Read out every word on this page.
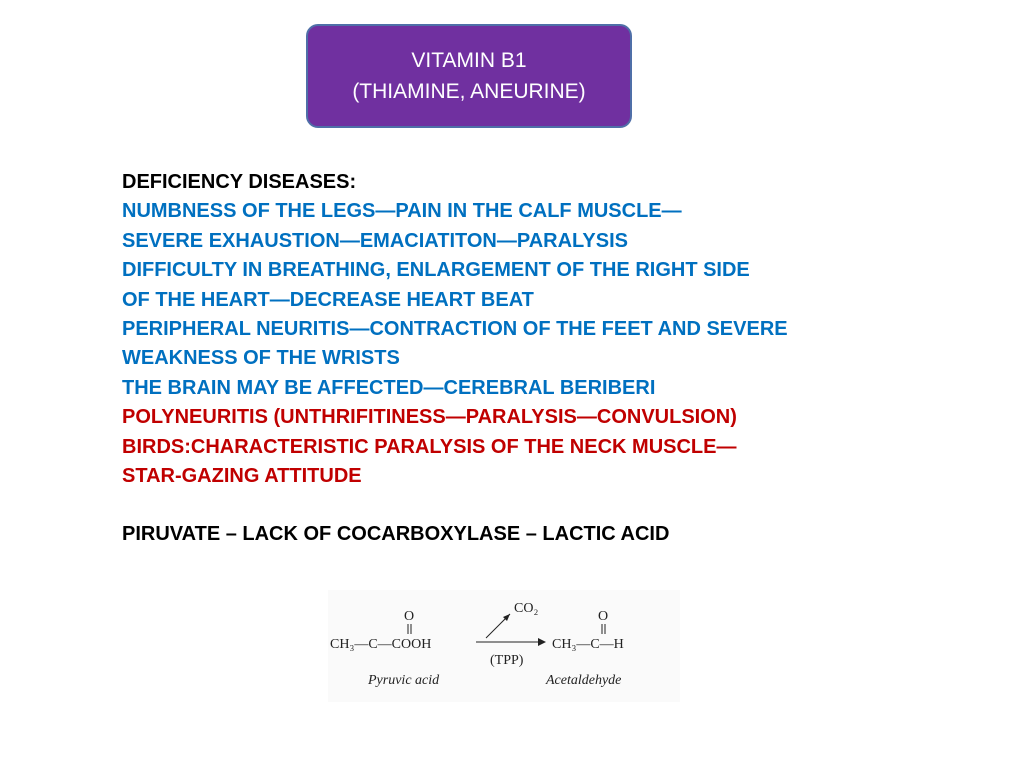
VITAMIN B1
(THIAMINE, ANEURINE)
DEFICIENCY DISEASES:
NUMBNESS OF THE LEGS—PAIN IN THE CALF MUSCLE—
SEVERE EXHAUSTION—EMACIATITON—PARALYSIS
DIFFICULTY IN BREATHING, ENLARGEMENT OF THE RIGHT SIDE
OF THE HEART—DECREASE HEART BEAT
PERIPHERAL NEURITIS—CONTRACTION OF THE FEET AND SEVERE
WEAKNESS OF THE WRISTS
THE BRAIN MAY BE AFFECTED—CEREBRAL BERIBERI
POLYNEURITIS (UNTHRIFITINESS—PARALYSIS—CONVULSION)
BIRDS:CHARACTERISTIC PARALYSIS OF THE NECK MUSCLE—
STAR-GAZING ATTITUDE
PIRUVATE – LACK OF COCARBOXYLASE – LACTIC ACID
O
CH₃—C—COOH
CO₂
(TPP)
O
CH₃—C—H
Pyruvic acid	Acetaldehyde
